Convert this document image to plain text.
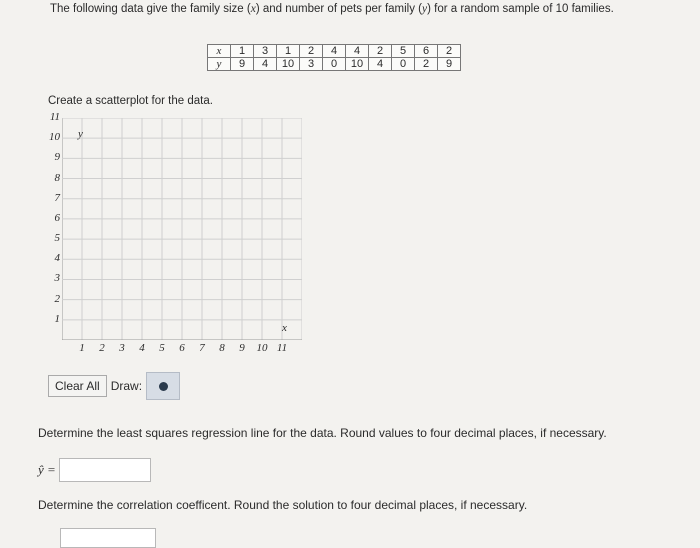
The following data give the family size (x) and number of pets per family (y) for a random sample of 10 families.
x	1	3	1	2	4	4	2	5	6	2
y	9	4	10	3	0	10	4	0	2	9
Create a scatterplot for the data.
11
10
9
8
7
6
5
4
3
2
1
1	2	3	4	5	6	7	8	9	10 11
y
x
Clear All Draw:
Determine the least squares regression line for the data. Round values to four decimal places, if necessary.
ŷ =
Determine the correlation coefficent. Round the solution to four decimal places, if necessary.
